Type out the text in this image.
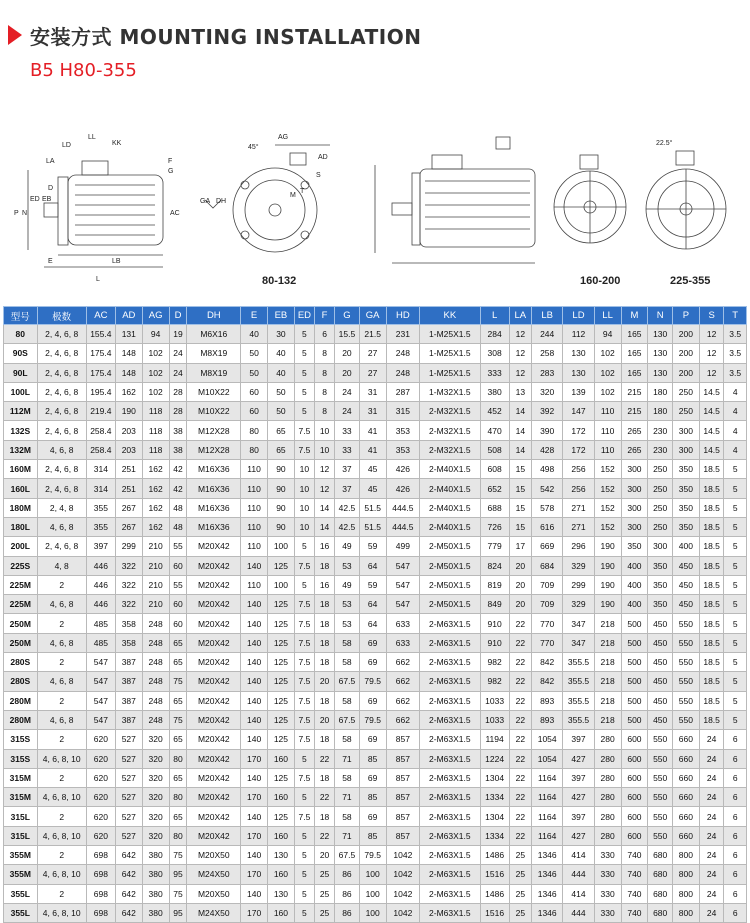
安装方式 MOUNTING INSTALLATION
B5 H80-355
LD
LL
KK
LA
D
P N
ED
E
EB
F
G
S
L
LB
AC
AG
AD
GA DH
M
T
45°
22.5°
80-132	160-200	225-355
型号	极数	AC	AD	AG	D	DH	E	EB	ED	F	G	GA	HD	KK	L	LA	LB	LD	LL	M	N	P	S	T
80	2, 4, 6, 8	155.4	131	94	19	M6X16	40	30	5	6	15.5	21.5	231	1-M25X1.5	284	12	244	112	94	165	130	200	12	3.5
90S	2, 4, 6, 8	175.4	148	102	24	M8X19	50	40	5	8	20	27	248	1-M25X1.5	308	12	258	130	102	165	130	200	12	3.5
90L	2, 4, 6, 8	175.4	148	102	24	M8X19	50	40	5	8	20	27	248	1-M25X1.5	333	12	283	130	102	165	130	200	12	3.5
100L	2, 4, 6, 8	195.4	162	102	28	M10X22	60	50	5	8	24	31	287	1-M32X1.5	380	13	320	139	102	215	180	250	14.5	4
112M	2, 4, 6, 8	219.4	190	118	28	M10X22	60	50	5	8	24	31	315	2-M32X1.5	452	14	392	147	110	215	180	250	14.5	4
132S	2, 4, 6, 8	258.4	203	118	38	M12X28	80	65	7.5	10	33	41	353	2-M32X1.5	470	14	390	172	110	265	230	300	14.5	4
132M	4, 6, 8	258.4	203	118	38	M12X28	80	65	7.5	10	33	41	353	2-M32X1.5	508	14	428	172	110	265	230	300	14.5	4
160M	2, 4, 6, 8	314	251	162	42	M16X36	110	90	10	12	37	45	426	2-M40X1.5	608	15	498	256	152	300	250	350	18.5	5
160L	2, 4, 6, 8	314	251	162	42	M16X36	110	90	10	12	37	45	426	2-M40X1.5	652	15	542	256	152	300	250	350	18.5	5
180M	2, 4, 8	355	267	162	48	M16X36	110	90	10	14	42.5	51.5	444.5	2-M40X1.5	688	15	578	271	152	300	250	350	18.5	5
180L	4, 6, 8	355	267	162	48	M16X36	110	90	10	14	42.5	51.5	444.5	2-M40X1.5	726	15	616	271	152	300	250	350	18.5	5
200L	2, 4, 6, 8	397	299	210	55	M20X42	110	100	5	16	49	59	499	2-M50X1.5	779	17	669	296	190	350	300	400	18.5	5
225S	4, 8	446	322	210	60	M20X42	140	125	7.5	18	53	64	547	2-M50X1.5	824	20	684	329	190	400	350	450	18.5	5
225M	2	446	322	210	55	M20X42	110	100	5	16	49	59	547	2-M50X1.5	819	20	709	299	190	400	350	450	18.5	5
225M	4, 6, 8	446	322	210	60	M20X42	140	125	7.5	18	53	64	547	2-M50X1.5	849	20	709	329	190	400	350	450	18.5	5
250M	2	485	358	248	60	M20X42	140	125	7.5	18	53	64	633	2-M63X1.5	910	22	770	347	218	500	450	550	18.5	5
250M	4, 6, 8	485	358	248	65	M20X42	140	125	7.5	18	58	69	633	2-M63X1.5	910	22	770	347	218	500	450	550	18.5	5
280S	2	547	387	248	65	M20X42	140	125	7.5	18	58	69	662	2-M63X1.5	982	22	842	355.5	218	500	450	550	18.5	5
280S	4, 6, 8	547	387	248	75	M20X42	140	125	7.5	20	67.5	79.5	662	2-M63X1.5	982	22	842	355.5	218	500	450	550	18.5	5
280M	2	547	387	248	65	M20X42	140	125	7.5	18	58	69	662	2-M63X1.5	1033	22	893	355.5	218	500	450	550	18.5	5
280M	4, 6, 8	547	387	248	75	M20X42	140	125	7.5	20	67.5	79.5	662	2-M63X1.5	1033	22	893	355.5	218	500	450	550	18.5	5
315S	2	620	527	320	65	M20X42	140	125	7.5	18	58	69	857	2-M63X1.5	1194	22	1054	397	280	600	550	660	24	6
315S	4, 6, 8, 10	620	527	320	80	M20X42	170	160	5	22	71	85	857	2-M63X1.5	1224	22	1054	427	280	600	550	660	24	6
315M	2	620	527	320	65	M20X42	140	125	7.5	18	58	69	857	2-M63X1.5	1304	22	1164	397	280	600	550	660	24	6
315M	4, 6, 8, 10	620	527	320	80	M20X42	170	160	5	22	71	85	857	2-M63X1.5	1334	22	1164	427	280	600	550	660	24	6
315L	2	620	527	320	65	M20X42	140	125	7.5	18	58	69	857	2-M63X1.5	1304	22	1164	397	280	600	550	660	24	6
315L	4, 6, 8, 10	620	527	320	80	M20X42	170	160	5	22	71	85	857	2-M63X1.5	1334	22	1164	427	280	600	550	660	24	6
355M	2	698	642	380	75	M20X50	140	130	5	20	67.5	79.5	1042	2-M63X1.5	1486	25	1346	414	330	740	680	800	24	6
355M	4, 6, 8, 10	698	642	380	95	M24X50	170	160	5	25	86	100	1042	2-M63X1.5	1516	25	1346	444	330	740	680	800	24	6
355L	2	698	642	380	75	M20X50	140	130	5	25	86	100	1042	2-M63X1.5	1486	25	1346	414	330	740	680	800	24	6
355L	4, 6, 8, 10	698	642	380	95	M24X50	170	160	5	25	86	100	1042	2-M63X1.5	1516	25	1346	444	330	740	680	800	24	6
